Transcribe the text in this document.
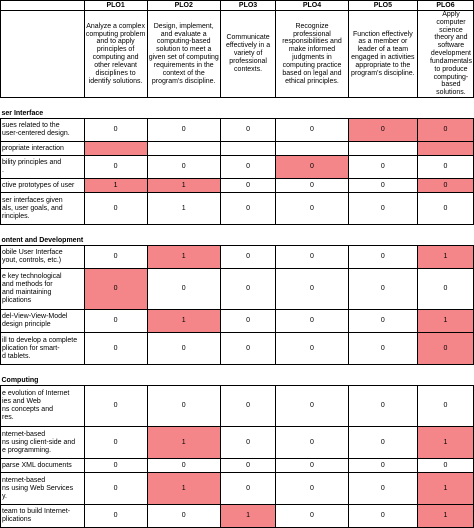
	PLO1	PLO2	PLO3	PLO4	PLO5	PLO6
	Analyze a complex computing problem and to apply principles of computing and other relevant disciplines to identify solutions.	Design, implement, and evaluate a computing-based solution to meet a given set of computing requirements in the context of the program's discipline.	Communicate effectively in a variety of professional contexts.	Recognize professional responsibilities and make informed judgments in computing practice based on legal and ethical principles.	Function effectively as a member or leader of a team engaged in activities appropriate to the program's discipline.	Apply computer science theory and software development fundamentals to produce computing-based solutions.
ser Interface						

sues related to the
user-centered design.	0	0	0	0	0	0

propriate interaction						

bility principles and
.	0	0	0	0	0	0

ctive prototypes of user	1	1	0	0	0	0

ser interfaces given
als, user goals, and
rinciples.	0	1	0	0	0	0
ontent and Development						

obile User Interface
yout, controls, etc.)	0	1	0	0	0	1

e key technological
and methods for
and maintaining
plications	0	0	0	0	0	0

del-View-View-Model
design principle	0	1	0	0	0	1

ill to develop a complete
plication for smart-
d tablets.	0	0	0	0	0	0
Computing						

e evolution of Internet
ies and Web
ns concepts and
res.	0	0	0	0	0	0

nternet-based
ns using client-side and
e programming.	0	1	0	0	0	1

parse XML documents	0	0	0	0	0	0

nternet-based
ns using Web Services
y.	0	1	0	0	0	1

team to build Internet-
plications	0	0	1	0	0	1
